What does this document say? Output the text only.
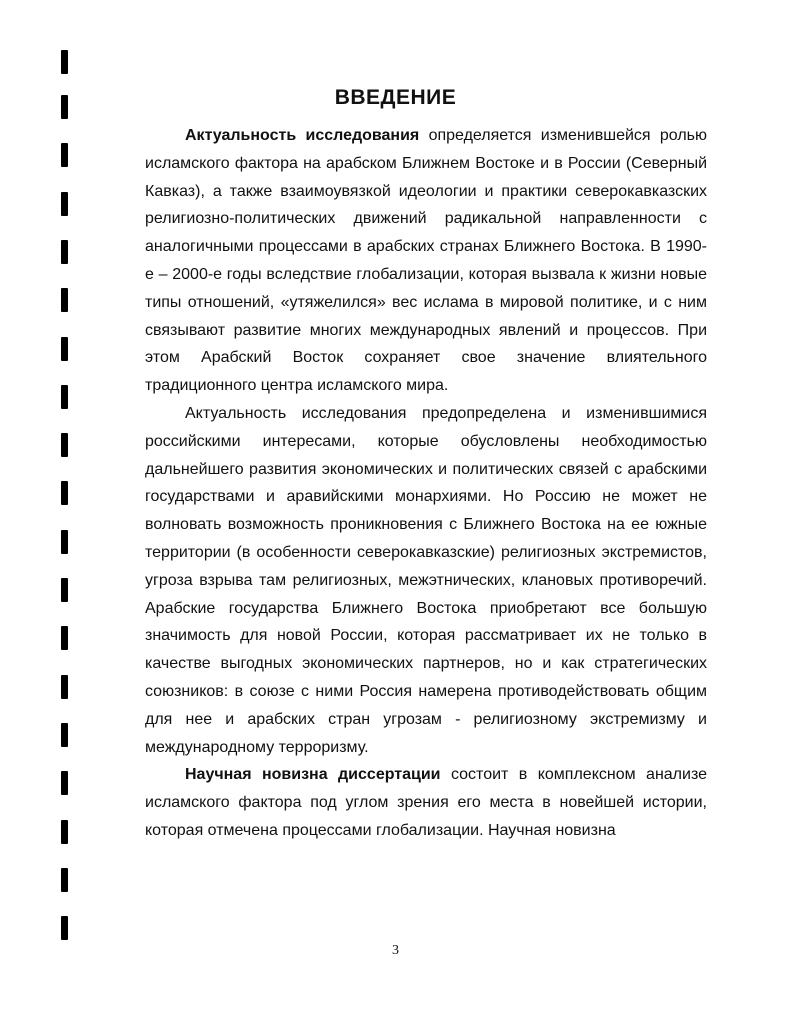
ВВЕДЕНИЕ

Актуальность исследования определяется изменившейся ролью исламского фактора на арабском Ближнем Востоке и в России (Северный Кавказ), а также взаимоувязкой идеологии и практики северокавказских религиозно-политических движений радикальной направленности с аналогичными процессами в арабских странах Ближнего Востока. В 1990-е – 2000-е годы вследствие глобализации, которая вызвала к жизни новые типы отношений, «утяжелился» вес ислама в мировой политике, и с ним связывают развитие многих международных явлений и процессов. При этом Арабский Восток сохраняет свое значение влиятельного традиционного центра исламского мира.

Актуальность исследования предопределена и изменившимися российскими интересами, которые обусловлены необходимостью дальнейшего развития экономических и политических связей с арабскими государствами и аравийскими монархиями. Но Россию не может не волновать возможность проникновения с Ближнего Востока на ее южные территории (в особенности северокавказские) религиозных экстремистов, угроза взрыва там религиозных, межэтнических, клановых противоречий. Арабские государства Ближнего Востока приобретают все большую значимость для новой России, которая рассматривает их не только в качестве выгодных экономических партнеров, но и как стратегических союзников: в союзе с ними Россия намерена противодействовать общим для нее и арабских стран угрозам - религиозному экстремизму и международному терроризму.

Научная новизна диссертации состоит в комплексном анализе исламского фактора под углом зрения его места в новейшей истории, которая отмечена процессами глобализации. Научная новизна

3
